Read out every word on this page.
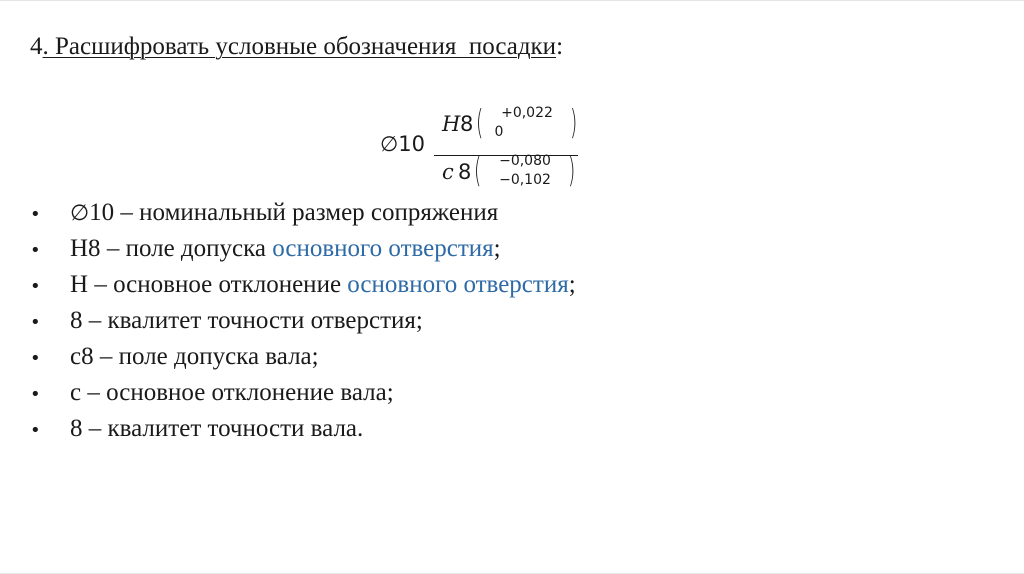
4. Расшифровать условные обозначения  посадки:
∅10
H 8 (	+0,022
0	)
c 8 (	−0,080
−0,102 )
• ∅10 – номинальный размер сопряжения
• Н8 – поле допуска основного отверстия;
• Н – основное отклонение основного отверстия;
• 8 – квалитет точности отверстия;
• с8 – поле допуска вала;
• с – основное отклонение вала;
• 8 – квалитет точности вала.
